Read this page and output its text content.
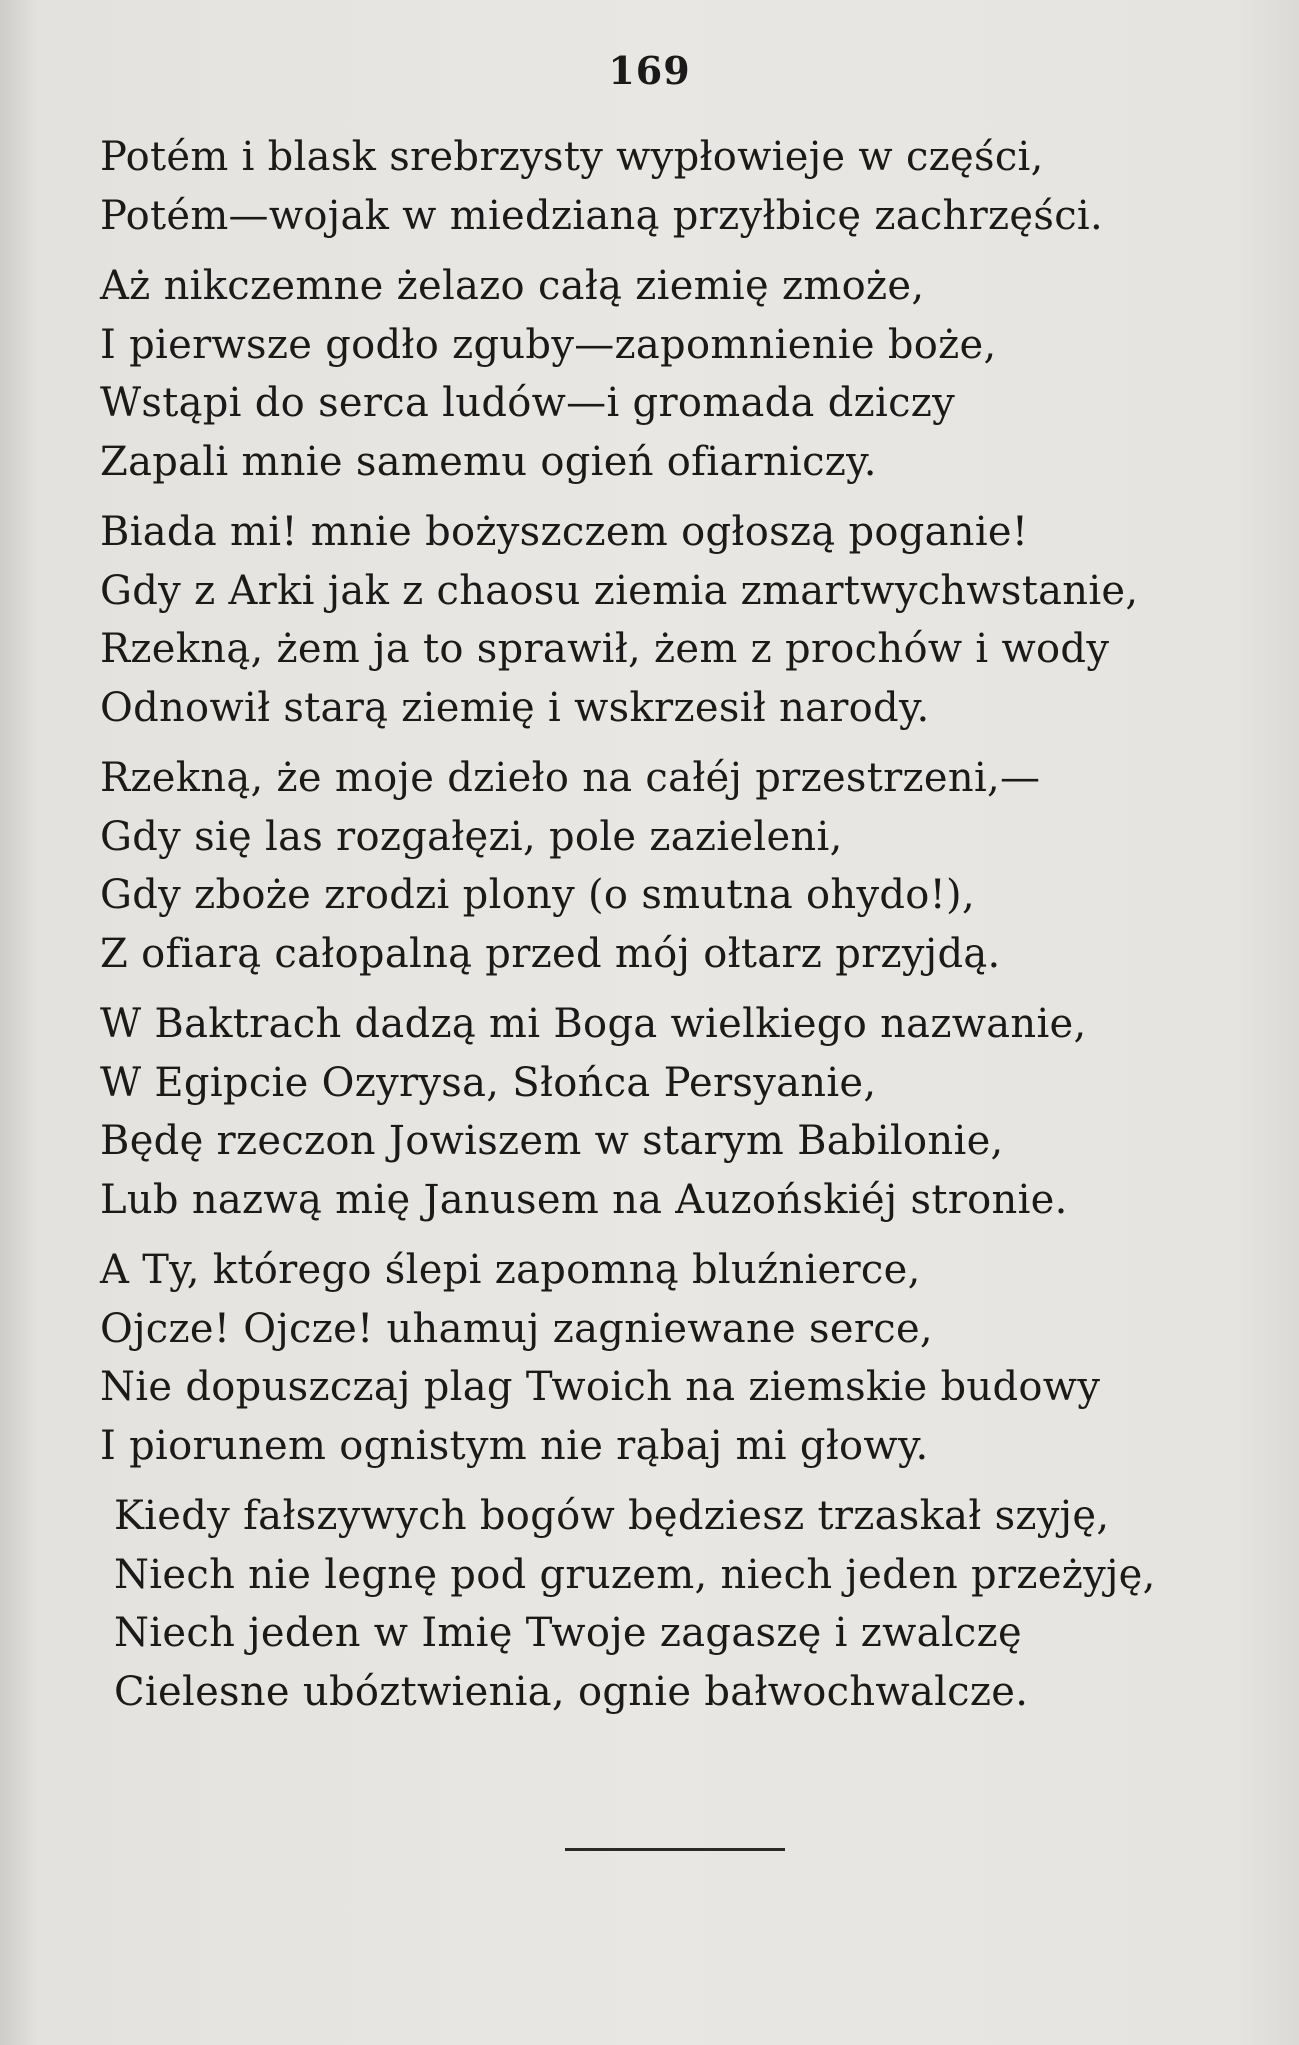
169
Potém i blask srebrzysty wypłowieje w części,
Potém—wojak w miedzianą przyłbicę zachrzęści.
Aż nikczemne żelazo całą ziemię zmoże,
I pierwsze godło zguby—zapomnienie boże,
Wstąpi do serca ludów—i gromada dziczy
Zapali mnie samemu ogień ofiarniczy.
Biada mi! mnie bożyszczem ogłoszą poganie!
Gdy z Arki jak z chaosu ziemia zmartwychwstanie,
Rzekną, żem ja to sprawił, żem z prochów i wody
Odnowił starą ziemię i wskrzesił narody.
Rzekną, że moje dzieło na całéj przestrzeni,—
Gdy się las rozgałęzi, pole zazieleni,
Gdy zboże zrodzi plony (o smutna ohydo!),
Z ofiarą całopalną przed mój ołtarz przyjdą.
W Baktrach dadzą mi Boga wielkiego nazwanie,
W Egipcie Ozyrysa, Słońca Persyanie,
Będę rzeczon Jowiszem w starym Babilonie,
Lub nazwą mię Janusem na Auzońskiéj stronie.
A Ty, którego ślepi zapomną bluźnierce,
Ojcze! Ojcze! uhamuj zagniewane serce,
Nie dopuszczaj plag Twoich na ziemskie budowy
I piorunem ognistym nie rąbaj mi głowy.
Kiedy fałszywych bogów będziesz trzaskał szyję,
Niech nie legnę pod gruzem, niech jeden przeżyję,
Niech jeden w Imię Twoje zagaszę i zwalczę
Cielesne ubóztwienia, ognie bałwochwalcze.
